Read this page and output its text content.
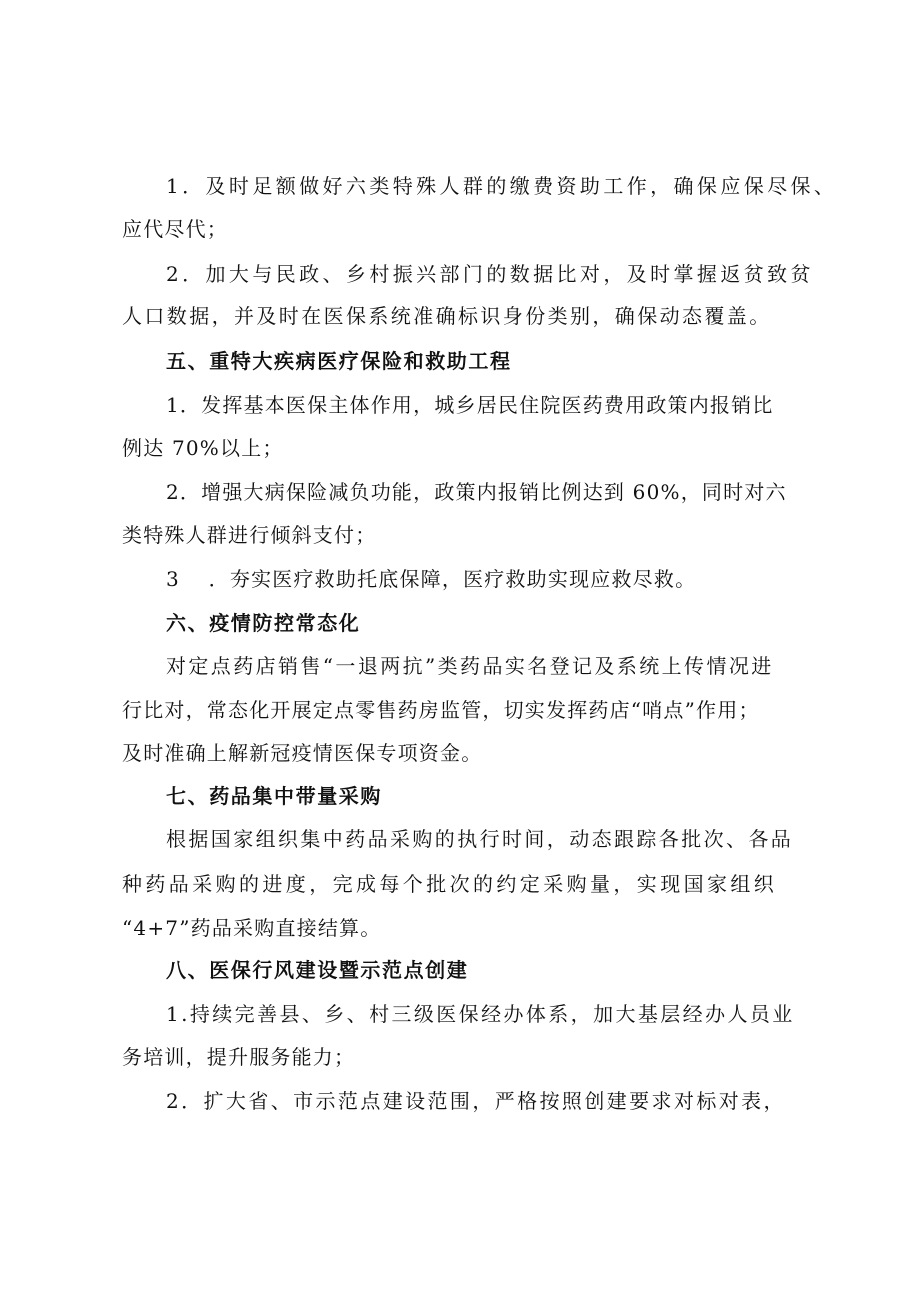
1．及时足额做好六类特殊人群的缴费资助工作，确保应保尽保、
应代尽代；
2．加大与民政、乡村振兴部门的数据比对，及时掌握返贫致贫
人口数据，并及时在医保系统准确标识身份类别，确保动态覆盖。
五、重特大疾病医疗保险和救助工程
1．发挥基本医保主体作用，城乡居民住院医药费用政策内报销比
例达 70%以上；
2．增强大病保险减负功能，政策内报销比例达到 60%，同时对六
类特殊人群进行倾斜支付；
3　 ．夯实医疗救助托底保障，医疗救助实现应救尽救。
六、疫情防控常态化
对定点药店销售“一退两抗”类药品实名登记及系统上传情况进
行比对，常态化开展定点零售药房监管，切实发挥药店“哨点”作用；
及时准确上解新冠疫情医保专项资金。
七、药品集中带量采购
根据国家组织集中药品采购的执行时间，动态跟踪各批次、各品
种药品采购的进度，完成每个批次的约定采购量，实现国家组织
“4+7”药品采购直接结算。
八、医保行风建设暨示范点创建
1.持续完善县、乡、村三级医保经办体系，加大基层经办人员业
务培训，提升服务能力；
2．扩大省、市示范点建设范围，严格按照创建要求对标对表，
